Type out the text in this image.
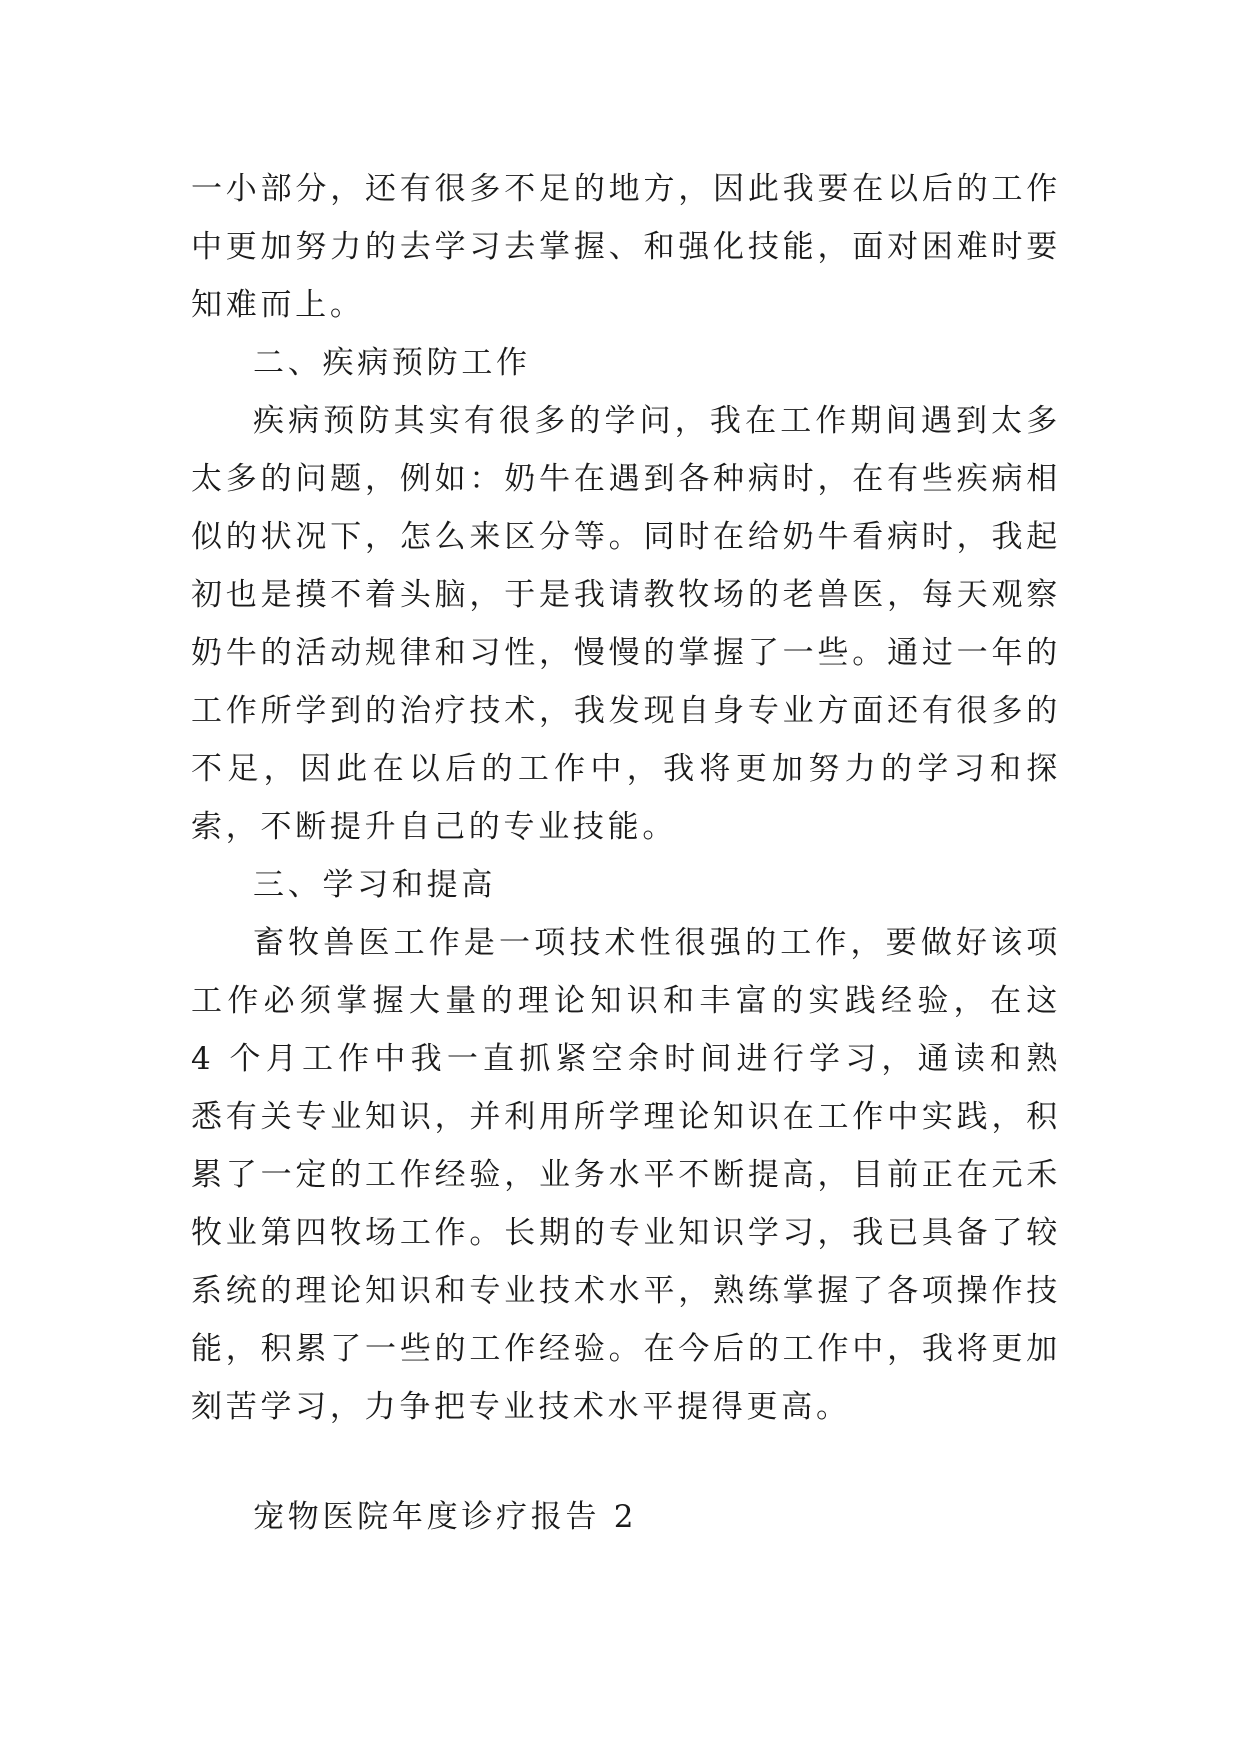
一小部分，还有很多不足的地方，因此我要在以后的工作中更加努力的去学习去掌握、和强化技能，面对困难时要知难而上。

二、疾病预防工作

疾病预防其实有很多的学问，我在工作期间遇到太多太多的问题，例如：奶牛在遇到各种病时，在有些疾病相似的状况下，怎么来区分等。同时在给奶牛看病时，我起初也是摸不着头脑，于是我请教牧场的老兽医，每天观察奶牛的活动规律和习性，慢慢的掌握了一些。通过一年的工作所学到的治疗技术，我发现自身专业方面还有很多的不足，因此在以后的工作中，我将更加努力的学习和探索，不断提升自己的专业技能。

三、学习和提高

畜牧兽医工作是一项技术性很强的工作，要做好该项工作必须掌握大量的理论知识和丰富的实践经验，在这 4 个月工作中我一直抓紧空余时间进行学习，通读和熟悉有关专业知识，并利用所学理论知识在工作中实践，积累了一定的工作经验，业务水平不断提高，目前正在元禾牧业第四牧场工作。长期的专业知识学习，我已具备了较系统的理论知识和专业技术水平，熟练掌握了各项操作技能，积累了一些的工作经验。在今后的工作中，我将更加刻苦学习，力争把专业技术水平提得更高。

宠物医院年度诊疗报告 2
